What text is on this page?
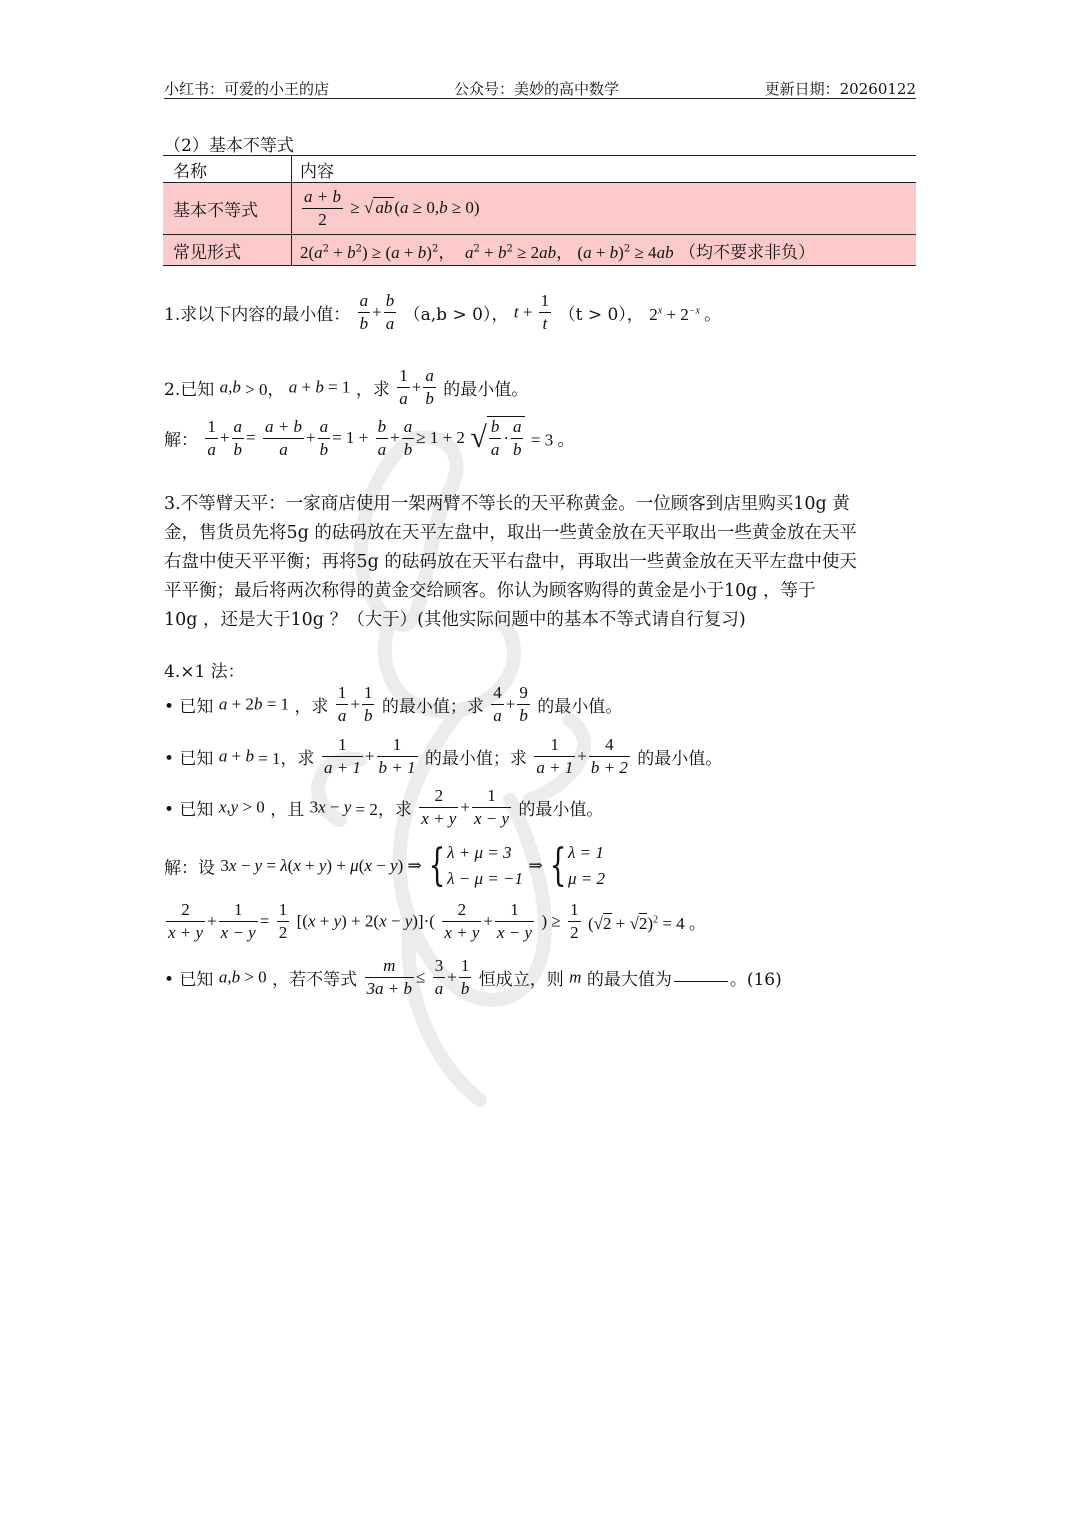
小红书：可爱的小王的店	公众号：美妙的高中数学	更新日期：20260122
（2）基本不等式
名称	内容
基本不等式	$\frac{a + b}{2}$ ≥ √ ab (a ≥ 0,b ≥ 0)
常见形式	$2(a^2 + b^2) \ge (a + b)^2$，  $a^2 + b^2 \ge 2ab$， $(a + b)^2 \ge 4ab$ （均不要求非负）
1.求以下内容的最小值： $\frac{a}{b} + \frac{b}{a} (a,b > 0)$， $t + \frac{1}{t} (t > 0)$， $2^x + 2^{-x}$ 。
2.已知 a,b > 0， a + b = 1 ，求 $\frac{1}{a} + \frac{a}{b}$ 的最小值。
解： $\frac{1}{a} + \frac{a}{b} = \frac{a + b}{a} + \frac{a}{b} = 1 + \frac{b}{a} + \frac{a}{b} \ge 1 + 2$ √ $\frac{b}{a} \cdot \frac{a}{b} = 3$ 。
3.不等臂天平：一家商店使用一架两臂不等长的天平称黄金。一位顾客到店里购买10g 黄
金，售货员先将5g 的砝码放在天平左盘中，取出一些黄金放在天平取出一些黄金放在天平
右盘中使天平平衡；再将5g 的砝码放在天平右盘中，再取出一些黄金放在天平左盘中使天
平平衡；最后将两次称得的黄金交给顾客。你认为顾客购得的黄金是小于10g ，等于
10g ，还是大于10g ？（大于）(其他实际问题中的基本不等式请自行复习)
4.×1 法：
• 已知 a + 2b = 1 ，求 $\frac{1}{a} + \frac{1}{b}$ 的最小值；求 $\frac{4}{a} + \frac{9}{b}$ 的最小值。
• 已知 a + b = 1，求 $\frac{1}{a + 1} + \frac{1}{b + 1}$ 的最小值；求 $\frac{1}{a + 1} + \frac{4}{b + 2}$ 的最小值。
• 已知 x,y > 0 ，且 3x − y = 2，求 $\frac{2}{x + y} + \frac{1}{x - y}$ 的最小值。
解：设 3x − y = λ(x + y) + μ(x − y) ⇒ { λ + μ = 3
λ − μ = −1
⇒ { λ = 1
μ = 2
$\frac{2}{x + y} + \frac{1}{x - y} = \frac{1}{2} [(x + y) + 2(x - y)]\cdot( \frac{2}{x + y} + \frac{1}{x - y}$ ) ≥ $\frac{1}{2} (√2 + √2)^2 = 4$ 。
• 已知 a,b > 0 ，若不等式 $\frac{m}{3a + b} \le \frac{3}{a} + \frac{1}{b}$ 恒成立，则 m 的最大值为	。(16)
